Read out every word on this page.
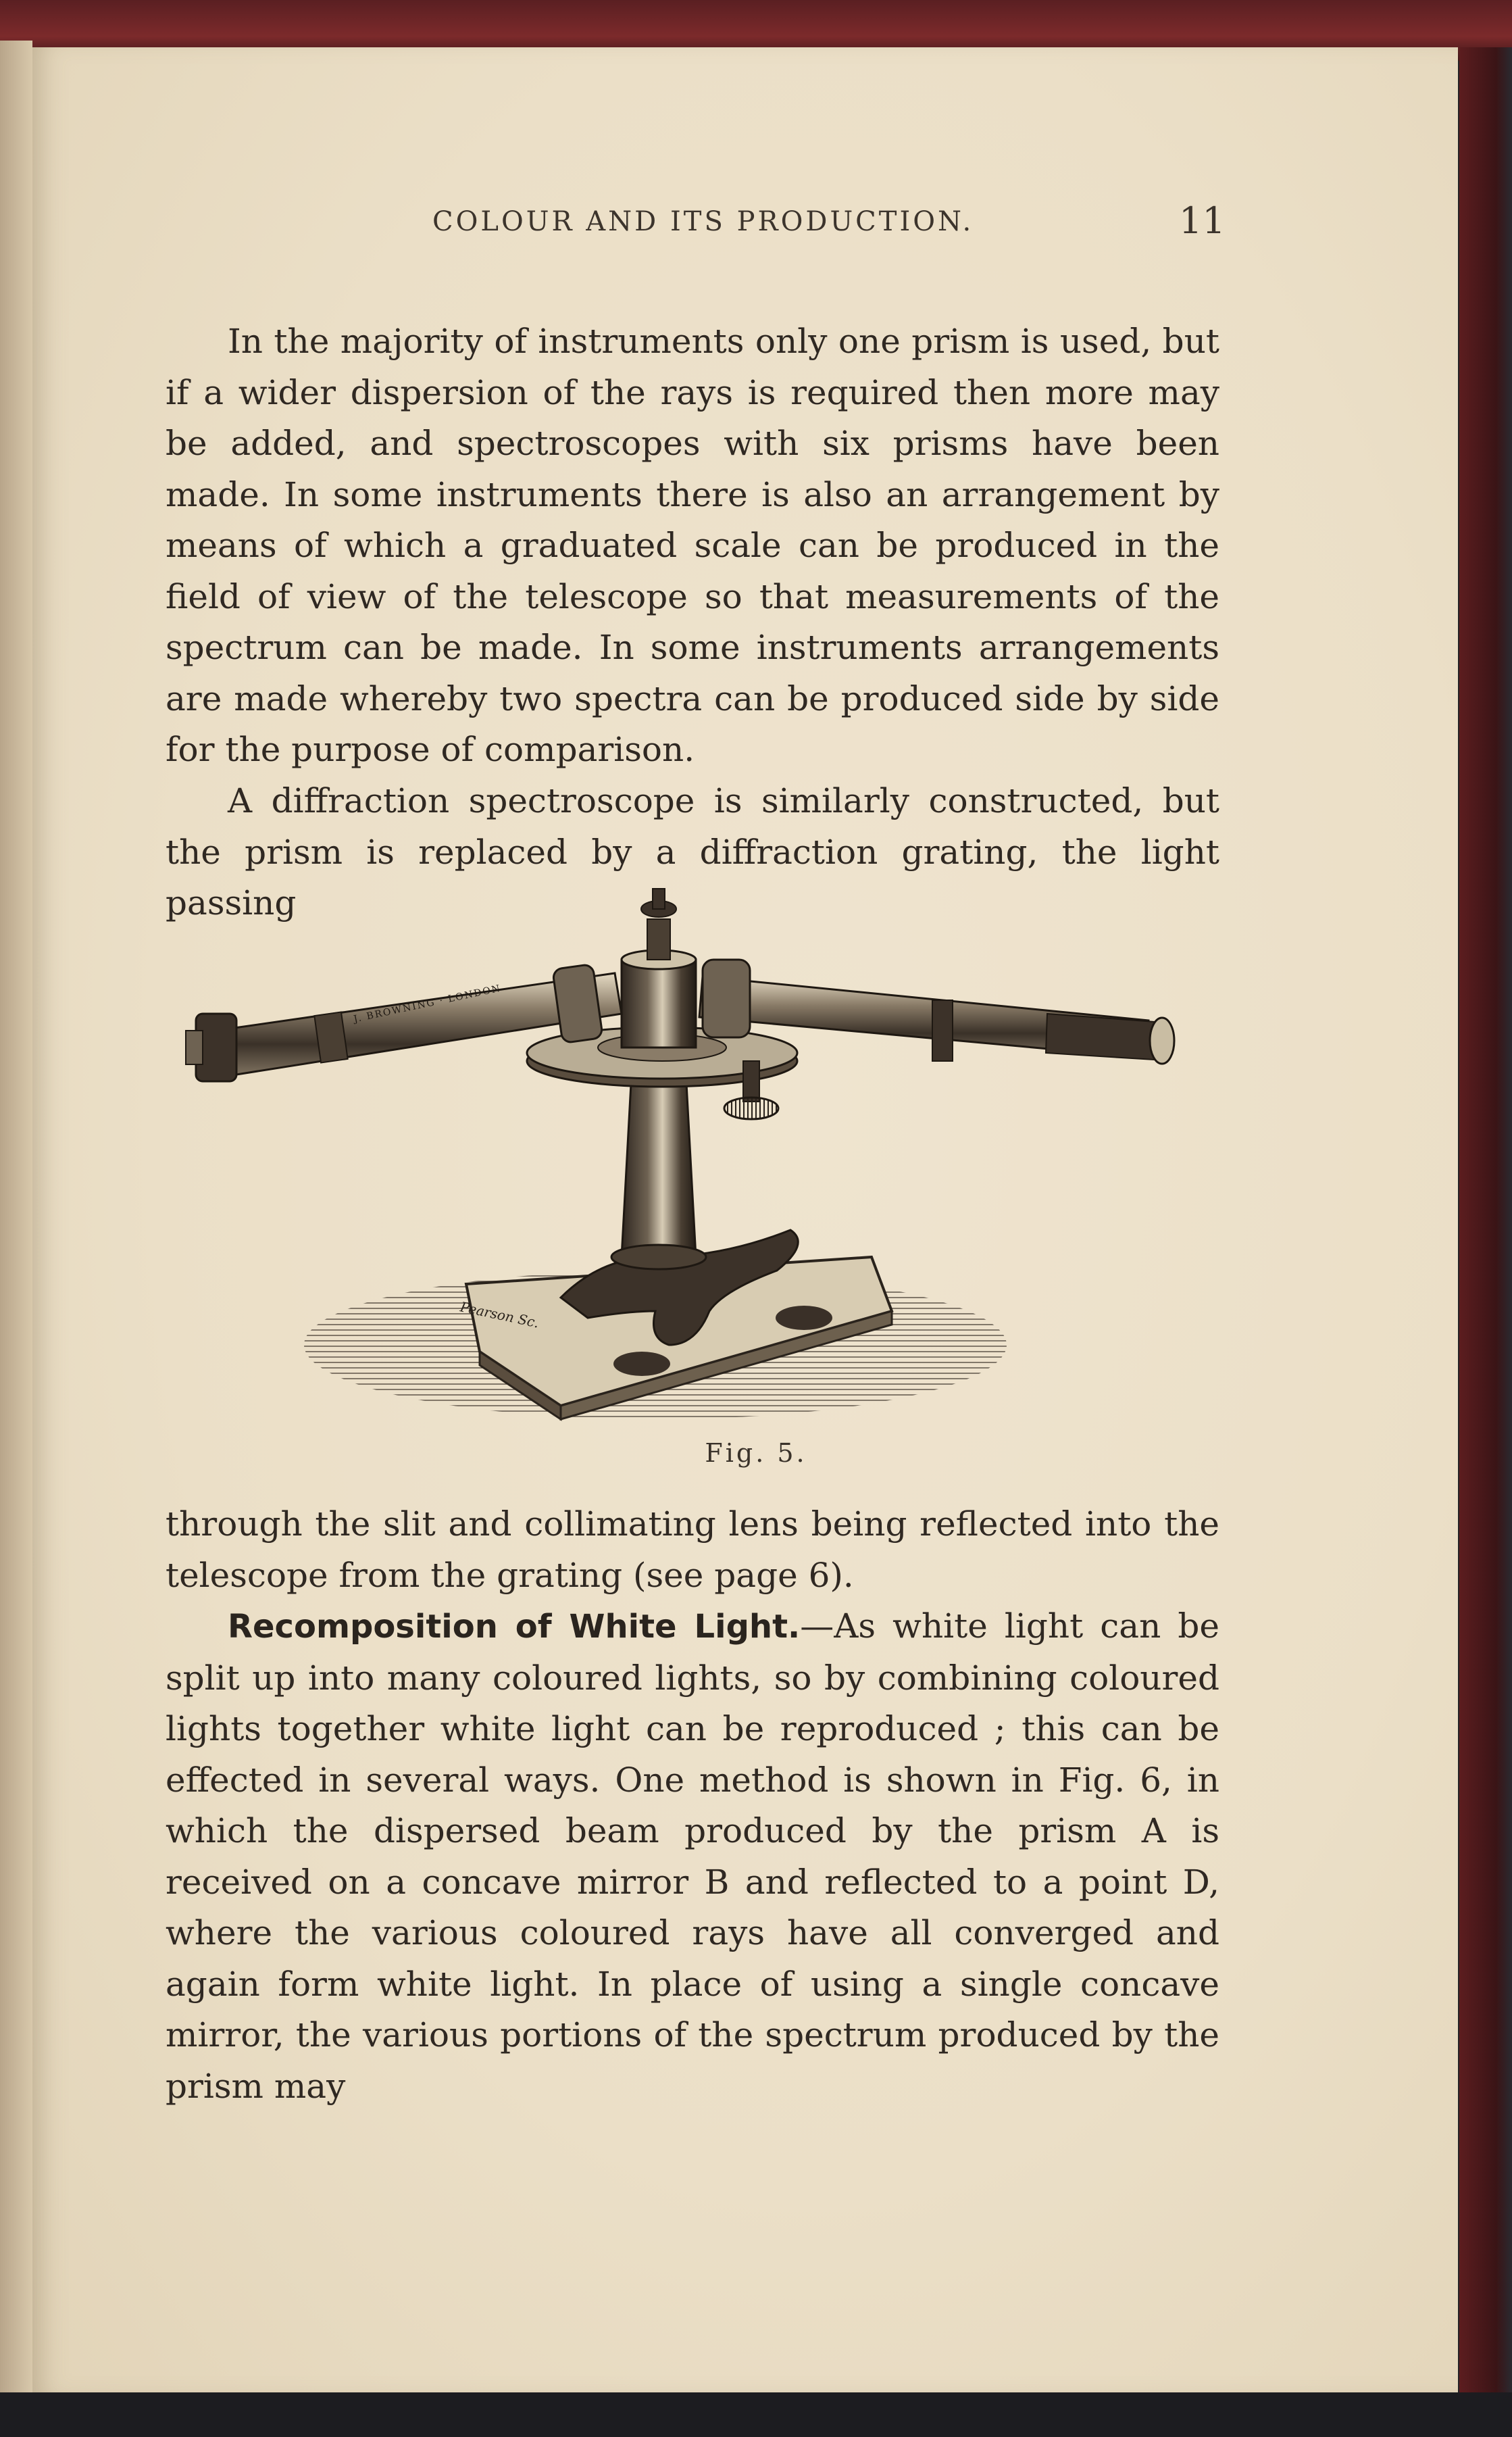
COLOUR AND ITS PRODUCTION.	11

In the majority of instruments only one prism is used, but if a wider dispersion of the rays is required then more may be added, and spectroscopes with six prisms have been made. In some instruments there is also an arrangement by means of which a graduated scale can be produced in the field of view of the telescope so that measurements of the spectrum can be made. In some instruments arrangements are made whereby two spectra can be produced side by side for the purpose of comparison.

A diffraction spectroscope is similarly constructed, but the prism is replaced by a diffraction grating, the light passing

J. BROWNING · LONDON
Pearson Sc.
Fig. 5.

through the slit and collimating lens being reflected into the telescope from the grating (see page 6).

Recomposition of White Light.—As white light can be split up into many coloured lights, so by combining coloured lights together white light can be reproduced ; this can be effected in several ways. One method is shown in Fig. 6, in which the dispersed beam produced by the prism A is received on a concave mirror B and reflected to a point D, where the various coloured rays have all converged and again form white light. In place of using a single concave mirror, the various portions of the spectrum produced by the prism may
